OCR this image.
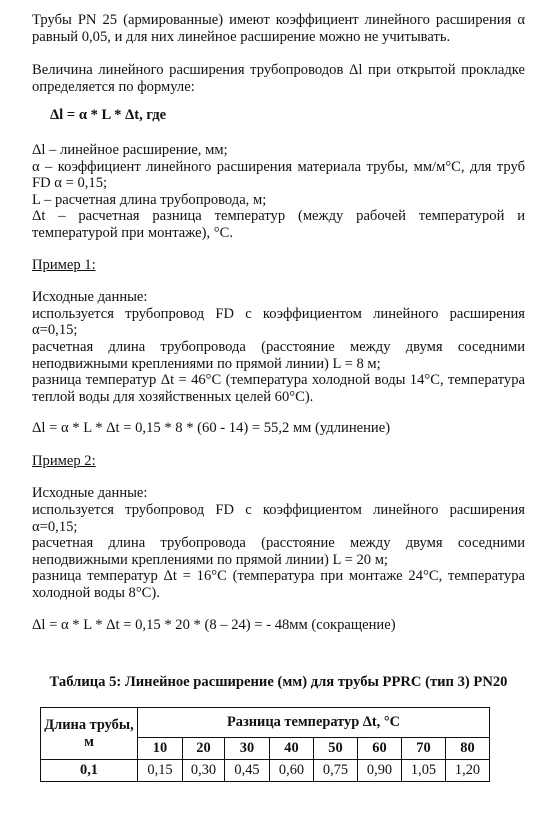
Трубы PN 25 (армированные) имеют коэффициент линейного расширения α равный 0,05, и для них линейное расширение можно не учитывать.

Величина линейного расширения трубопроводов Δl при открытой прокладке определяется по формуле:

Δl = α * L * Δt, где

Δl – линейное расширение, мм;

α – коэффициент линейного расширения материала трубы, мм/м°С, для труб FD α = 0,15;

L – расчетная длина трубопровода, м;

Δt – расчетная разница температур (между рабочей температурой и температурой при монтаже), °С.

Пример 1:

Исходные данные:

используется трубопровод FD с коэффициентом линейного расширения α=0,15;

расчетная длина трубопровода (расстояние между двумя соседними неподвижными креплениями по прямой линии) L = 8 м;

разница температур Δt = 46°С (температура холодной воды 14°С, температура теплой воды для хозяйственных целей 60°С).

Δl = α * L * Δt = 0,15 * 8 * (60 - 14) = 55,2 мм (удлинение)

Пример 2:

Исходные данные:

используется трубопровод FD с коэффициентом линейного расширения α=0,15;

расчетная длина трубопровода (расстояние между двумя соседними неподвижными креплениями по прямой линии) L = 20 м;

разница температур Δt = 16°С (температура при монтаже 24°С, температура холодной воды 8°С).

Δl = α * L * Δt = 0,15 * 20 * (8 – 24) = - 48мм (сокращение)

Таблица 5: Линейное расширение (мм) для трубы PPRC (тип 3) PN20
Длина трубы, м	Разница температур Δt, °С							
	10	20	30	40	50	60	70	80
0,1	0,15	0,30	0,45	0,60	0,75	0,90	1,05	1,20
